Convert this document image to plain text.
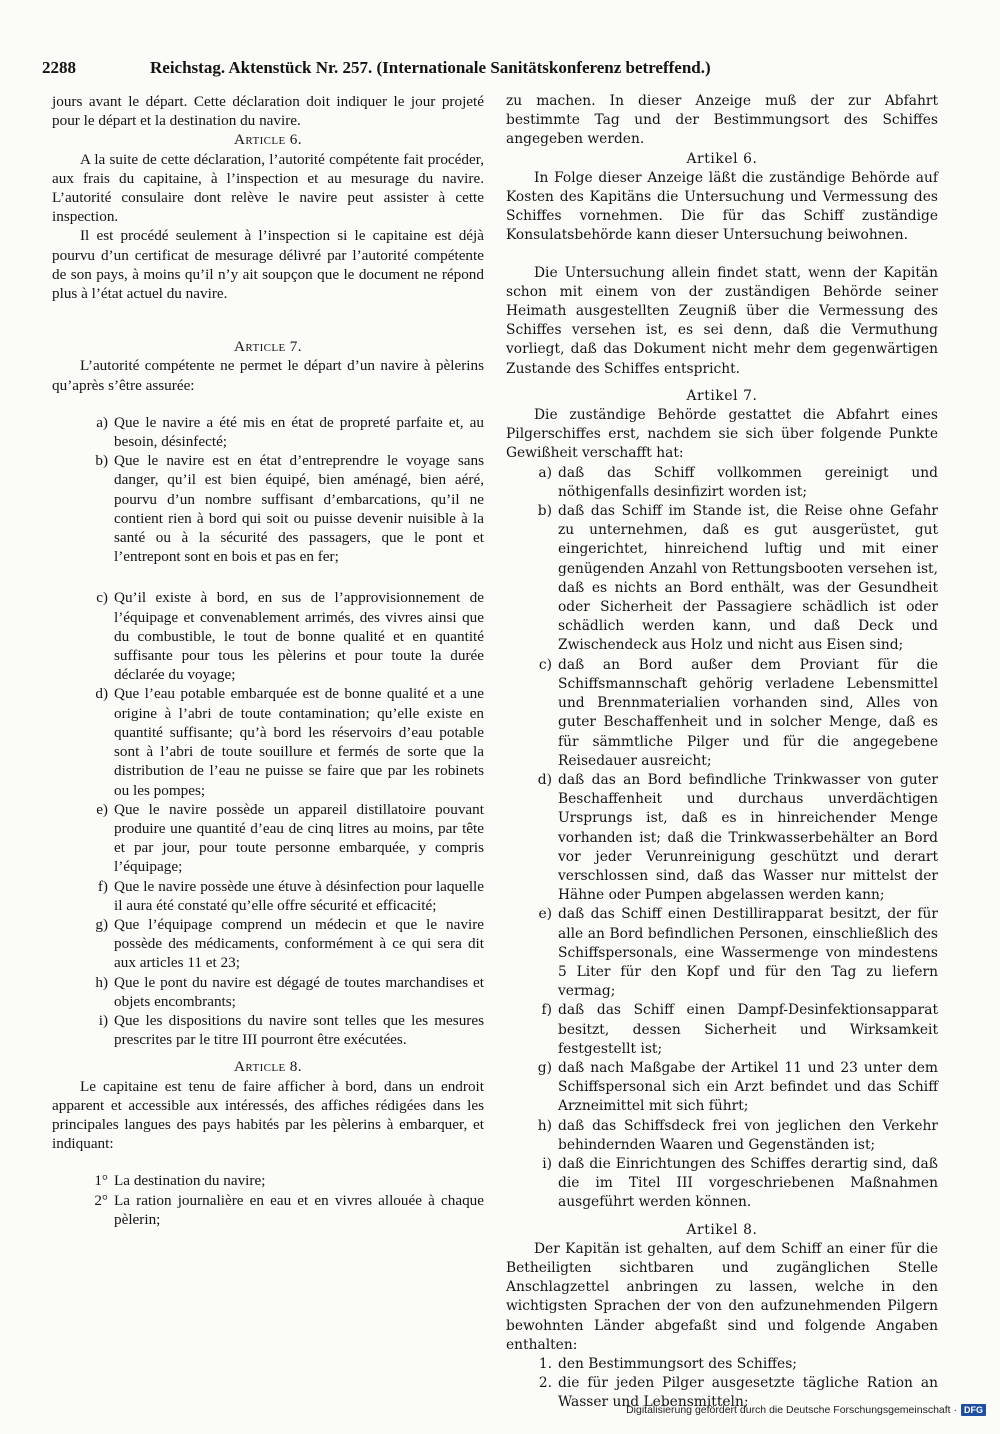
2288	Reichstag. Aktenstück Nr. 257. (Internationale Sanitätskonferenz betreffend.)

jours avant le départ. Cette déclaration doit indiquer le jour projeté pour le départ et la destination du navire.

Article 6.

A la suite de cette déclaration, l’autorité compétente fait procéder, aux frais du capitaine, à l’inspection et au mesurage du navire. L’autorité consulaire dont relève le navire peut assister à cette inspection.

Il est procédé seulement à l’inspection si le capitaine est déjà pourvu d’un certificat de mesurage délivré par l’autorité compétente de son pays, à moins qu’il n’y ait soupçon que le document ne répond plus à l’état actuel du navire.

Article 7.

L’autorité compétente ne permet le départ d’un navire à pèlerins qu’après s’être assurée:

a) Que le navire a été mis en état de propreté parfaite et, au besoin, désinfecté;
b) Que le navire est en état d’entreprendre le voyage sans danger, qu’il est bien équipé, bien aménagé, bien aéré, pourvu d’un nombre suffisant d’embarcations, qu’il ne contient rien à bord qui soit ou puisse devenir nuisible à la santé ou à la sécurité des passagers, que le pont et l’entrepont sont en bois et pas en fer;
c) Qu’il existe à bord, en sus de l’approvisionnement de l’équipage et convenablement arrimés, des vivres ainsi que du combustible, le tout de bonne qualité et en quantité suffisante pour tous les pèlerins et pour toute la durée déclarée du voyage;
d) Que l’eau potable embarquée est de bonne qualité et a une origine à l’abri de toute contamination; qu’elle existe en quantité suffisante; qu’à bord les réservoirs d’eau potable sont à l’abri de toute souillure et fermés de sorte que la distribution de l’eau ne puisse se faire que par les robinets ou les pompes;
e) Que le navire possède un appareil distillatoire pouvant produire une quantité d’eau de cinq litres au moins, par tête et par jour, pour toute personne embarquée, y compris l’équipage;
f) Que le navire possède une étuve à désinfection pour laquelle il aura été constaté qu’elle offre sécurité et efficacité;
g) Que l’équipage comprend un médecin et que le navire possède des médicaments, conformément à ce qui sera dit aux articles 11 et 23;
h) Que le pont du navire est dégagé de toutes marchandises et objets encombrants;
i) Que les dispositions du navire sont telles que les mesures prescrites par le titre III pourront être exécutées.
Article 8.

Le capitaine est tenu de faire afficher à bord, dans un endroit apparent et accessible aux intéressés, des affiches rédigées dans les principales langues des pays habités par les pèlerins à embarquer, et indiquant:

1° La destination du navire;
2° La ration journalière en eau et en vivres allouée à chaque pèlerin;

zu machen. In dieser Anzeige muß der zur Abfahrt bestimmte Tag und der Bestimmungsort des Schiffes angegeben werden.

Artikel 6.

In Folge dieser Anzeige läßt die zuständige Behörde auf Kosten des Kapitäns die Untersuchung und Vermessung des Schiffes vornehmen. Die für das Schiff zuständige Konsulatsbehörde kann dieser Untersuchung beiwohnen.

Die Untersuchung allein findet statt, wenn der Kapitän schon mit einem von der zuständigen Behörde seiner Heimath ausgestellten Zeugniß über die Vermessung des Schiffes versehen ist, es sei denn, daß die Vermuthung vorliegt, daß das Dokument nicht mehr dem gegenwärtigen Zustande des Schiffes entspricht.

Artikel 7.

Die zuständige Behörde gestattet die Abfahrt eines Pilgerschiffes erst, nachdem sie sich über folgende Punkte Gewißheit verschafft hat:

a) daß das Schiff vollkommen gereinigt und nöthigenfalls desinfizirt worden ist;
b) daß das Schiff im Stande ist, die Reise ohne Gefahr zu unternehmen, daß es gut ausgerüstet, gut eingerichtet, hinreichend luftig und mit einer genügenden Anzahl von Rettungsbooten versehen ist, daß es nichts an Bord enthält, was der Gesundheit oder Sicherheit der Passagiere schädlich ist oder schädlich werden kann, und daß Deck und Zwischendeck aus Holz und nicht aus Eisen sind;
c) daß an Bord außer dem Proviant für die Schiffsmannschaft gehörig verladene Lebensmittel und Brennmaterialien vorhanden sind, Alles von guter Beschaffenheit und in solcher Menge, daß es für sämmtliche Pilger und für die angegebene Reisedauer ausreicht;
d) daß das an Bord befindliche Trinkwasser von guter Beschaffenheit und durchaus unverdächtigen Ursprungs ist, daß es in hinreichender Menge vorhanden ist; daß die Trinkwasserbehälter an Bord vor jeder Verunreinigung geschützt und derart verschlossen sind, daß das Wasser nur mittelst der Hähne oder Pumpen abgelassen werden kann;
e) daß das Schiff einen Destillirapparat besitzt, der für alle an Bord befindlichen Personen, einschließlich des Schiffspersonals, eine Wassermenge von mindestens 5 Liter für den Kopf und für den Tag zu liefern vermag;
f) daß das Schiff einen Dampf-Desinfektionsapparat besitzt, dessen Sicherheit und Wirksamkeit festgestellt ist;
g) daß nach Maßgabe der Artikel 11 und 23 unter dem Schiffspersonal sich ein Arzt befindet und das Schiff Arzneimittel mit sich führt;
h) daß das Schiffsdeck frei von jeglichen den Verkehr behindernden Waaren und Gegenständen ist;
i) daß die Einrichtungen des Schiffes derartig sind, daß die im Titel III vorgeschriebenen Maßnahmen ausgeführt werden können.
Artikel 8.

Der Kapitän ist gehalten, auf dem Schiff an einer für die Betheiligten sichtbaren und zugänglichen Stelle Anschlagzettel anbringen zu lassen, welche in den wichtigsten Sprachen der von den aufzunehmenden Pilgern bewohnten Länder abgefaßt sind und folgende Angaben enthalten:

1. den Bestimmungsort des Schiffes;
2. die für jeden Pilger ausgesetzte tägliche Ration an Wasser und Lebensmitteln;
Digitalisierung gefördert durch die Deutsche Forschungsgemeinschaft · DFG
